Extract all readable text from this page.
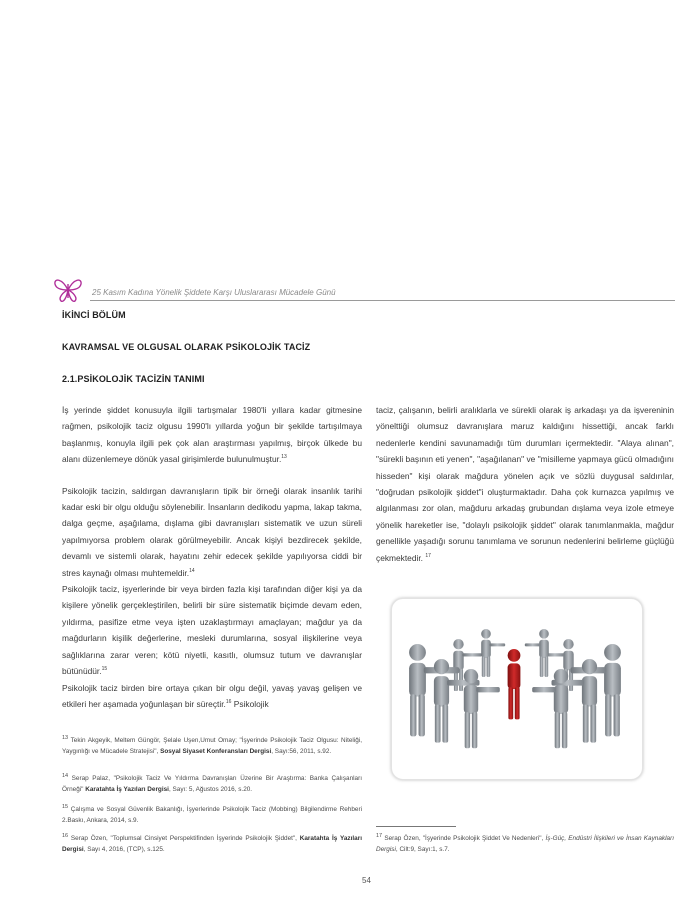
25 Kasım Kadına Yönelik Şiddete Karşı Uluslararası Mücadele Günü
İKİNCİ BÖLÜM
KAVRAMSAL VE OLGUSAL OLARAK PSİKOLOJİK TACİZ
2.1.PSİKOLOJİK TACİZİN TANIMI

İş yerinde şiddet konusuyla ilgili tartışmalar 1980'li yıllara kadar gitmesine rağmen, psikolojik taciz olgusu 1990'lı yıllarda yoğun bir şekilde tartışılmaya başlanmış, konuyla ilgili pek çok alan araştırması yapılmış, birçok ülkede bu alanı düzenlemeye dönük yasal girişimlerde bulunulmuştur.$^{13}$

Psikolojik tacizin, saldırgan davranışların tipik bir örneği olarak insanlık tarihi kadar eski bir olgu olduğu söylenebilir. İnsanların dedikodu yapma, lakap takma, dalga geçme, aşağılama, dışlama gibi davranışları sistematik ve uzun süreli yapılmıyorsa problem olarak görülmeyebilir. Ancak kişiyi bezdirecek şekilde, devamlı ve sistemli olarak, hayatını zehir edecek şekilde yapılıyorsa ciddi bir stres kaynağı olması muhtemeldir.$^{14}$

Psikolojik taciz, işyerlerinde bir veya birden fazla kişi tarafından diğer kişi ya da kişilere yönelik gerçekleştirilen, belirli bir süre sistematik biçimde devam eden, yıldırma, pasifize etme veya işten uzaklaştırmayı amaçlayan; mağdur ya da mağdurların kişilik değerlerine, mesleki durumlarına, sosyal ilişkilerine veya sağlıklarına zarar veren; kötü niyetli, kasıtlı, olumsuz tutum ve davranışlar bütünüdür.$^{15}$

Psikolojik taciz birden bire ortaya çıkan bir olgu değil, yavaş yavaş gelişen ve etkileri her aşamada yoğunlaşan bir süreçtir.$^{16}$ Psikolojik

13 Tekin Akgeyik, Meltem Güngör, Şelale Uşen,Umut Omay; "İşyerinde Psikolojik Taciz Olgusu: Niteliği, Yaygınlığı ve Mücadele Stratejisi", Sosyal Siyaset Konferansları Dergisi, Sayı:56, 2011, s.92.
14 Serap Palaz, "Psikolojik Taciz Ve Yıldırma Davranışları Üzerine Bir Araştırma: Banka Çalışanları Örneği" Karatahta İş Yazıları Dergisi, Sayı: 5, Ağustos 2016, s.20.
15 Çalışma ve Sosyal Güvenlik Bakanlığı, İşyerlerinde Psikolojik Taciz (Mobbing) Bilgilendirme Rehberi 2.Baskı, Ankara, 2014, s.9.
16 Serap Özen, "Toplumsal Cinsiyet Perspektifinden İşyerinde Psikolojik Şiddet", Karatahta İş Yazıları Dergisi, Sayı 4, 2016, (TCP), s.125.

taciz, çalışanın, belirli aralıklarla ve sürekli olarak iş arkadaşı ya da işvereninin yönelttiği olumsuz davranışlara maruz kaldığını hissettiği, ancak farklı nedenlerle kendini savunamadığı tüm durumları içermektedir. "Alaya alınan", "sürekli başının eti yenen", "aşağılanan" ve "misilleme yapmaya gücü olmadığını hisseden" kişi olarak mağdura yönelen açık ve sözlü duygusal saldırılar, "doğrudan psikolojik şiddet"i oluşturmaktadır. Daha çok kurnazca yapılmış ve algılanması zor olan, mağduru arkadaş grubundan dışlama veya izole etmeye yönelik hareketler ise, "dolaylı psikolojik şiddet" olarak tanımlanmakla, mağdur genellikle yaşadığı sorunu tanımlama ve sorunun nedenlerini belirleme güçlüğü çekmektedir. $^{17}$

17 Serap Özen, "İşyerinde Psikolojik Şiddet Ve Nedenleri", İş-Güç, Endüstri İlişkileri ve İnsan Kaynakları Dergisi, Cilt:9, Sayı:1, s.7.
54
